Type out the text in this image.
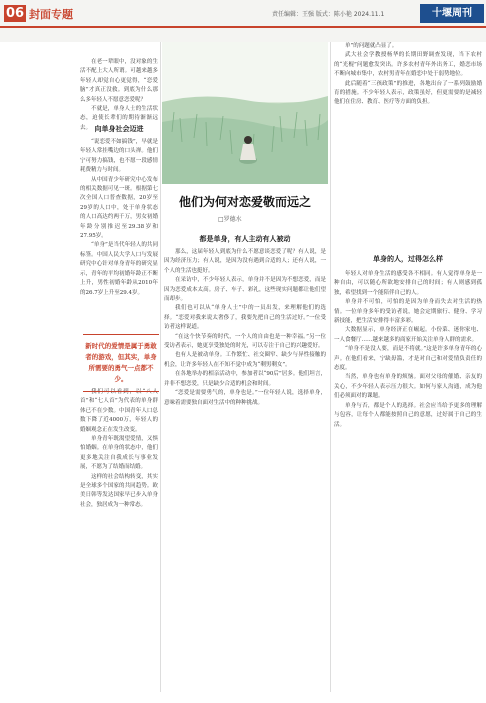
06 封面专题	责任编辑：王强 版式：陈小艳 2024.11.1	十堰周刊

在老一辈眼中，没对象的生活不配上大人所谓。可越来越多年轻人却觉自心更觉得，“恋爱脑”才真正没救。到底为什么那么多年轻人不愿意恋爱呢？

不就是，单身人士的生活状态，迫使长辈们的期待渐渐远去。 向单身社会迈进

“说恋爱不如搞钱”，早就是年轻人常挂嘴边的口头禅。他们宁可努力搞钱，也不愿一段感情耗费精力与时间。

从中国青少年研究中心发布的相关数据可见一斑。根据第七次全国人口普查数据，20岁至29岁的人口中，处于单身状态的人口高达约两千万，男女初婚年龄分别推迟至29.38岁和27.95岁。

“单身”是当代年轻人的共同标签。中国人民大学人口与发展研究中心针对单身青年的研究显示，青年的平均初婚年龄正不断上升，男性初婚年龄从2010年的26.7岁上升至29.4岁。

我们可以看到，以“八人首”和“七人首”为代表的单身群体已不在少数。中国青年人口总数下降了近4000万，年轻人的婚姻观念正在发生改变。

单身青年既渴望爱情，又惧怕婚姻。在单身的状态中，他们更多地关注自我成长与事业发展，不愿为了结婚而结婚。

这样的社会结构转变，其实是全球多个国家的共同趋势。欧美日韩等发达国家早已步入单身社会，独居成为一种常态。

新时代的爱情是属于勇敢者的游戏，但其实，单身所需要的勇气一点都不少。
他们为何对恋爱敬而远之
□罗德水
都是单身，有人主动有人被动

那么，这届年轻人到底为什么不愿意谈恋爱了呢？有人说，是因为经济压力；有人说，是因为没有遇到合适的人；还有人说，一个人的生活也挺好。

在采访中，不少年轻人表示，单身并不是因为不想恋爱，而是因为恋爱成本太高。房子、车子、彩礼，这些现实问题都让他们望而却步。

我们也可以从“单身人士”中的一员出发，来理解他们的选择。“恋爱对我来说太奢侈了，我要先把自己的生活过好。”一位受访者这样说道。

“在这个快节奏的时代，一个人的自由也是一种幸福。”另一位受访者表示，她更享受独处的时光，可以专注于自己的兴趣爱好。

也有人是被动单身。工作繁忙、社交圈窄、缺少与异性接触的机会，让许多年轻人在不知不觉中成为“剩男剩女”。

在各地举办的相亲活动中，参加者以“90后”居多。他们坦言，并非不想恋爱，只是缺少合适的机会和时间。

“恋爱是需要勇气的，单身也是。”一位年轻人说，选择单身，意味着需要独自面对生活中的种种挑战。

单”的问题就凸显了。

武大社会学教授杨华的长期田野调查发现，当下农村的“光棍”问题愈发突出。许多农村青年外出务工，婚恋市场不断向城市集中，农村男青年在婚恋中处于弱势地位。

此后随着“三孩政策”的推进，各地出台了一系列鼓励婚育的措施。不少年轻人表示，政策虽好，但更需要的是减轻他们在住房、教育、医疗等方面的负担。

单身的人，过得怎么样

年轻人对单身生活的感受各不相同。有人觉得单身是一种自由，可以随心所欲地安排自己的时间；有人则感到孤独，希望找到一个能陪伴自己的人。

单身并不可怕，可怕的是因为单身而失去对生活的热情。一位单身多年的受访者说，她会定期旅行、健身、学习新技能，把生活安排得丰富多彩。

大数据显示，单身经济正在崛起。小份菜、迷你家电、一人食餐厅……越来越多的商家开始关注单身人群的需求。

“单身不是没人要，而是不将就。”这是许多单身青年的心声。在他们看来，宁缺毋滥，才是对自己和对爱情负责任的态度。

当然，单身也有单身的烦恼。面对父母的催婚、亲友的关心，不少年轻人表示压力很大。如何与家人沟通，成为他们必须面对的课题。

单身与否，都是个人的选择。社会应当给予更多的理解与包容，让每个人都能按照自己的意愿，过好属于自己的生活。
